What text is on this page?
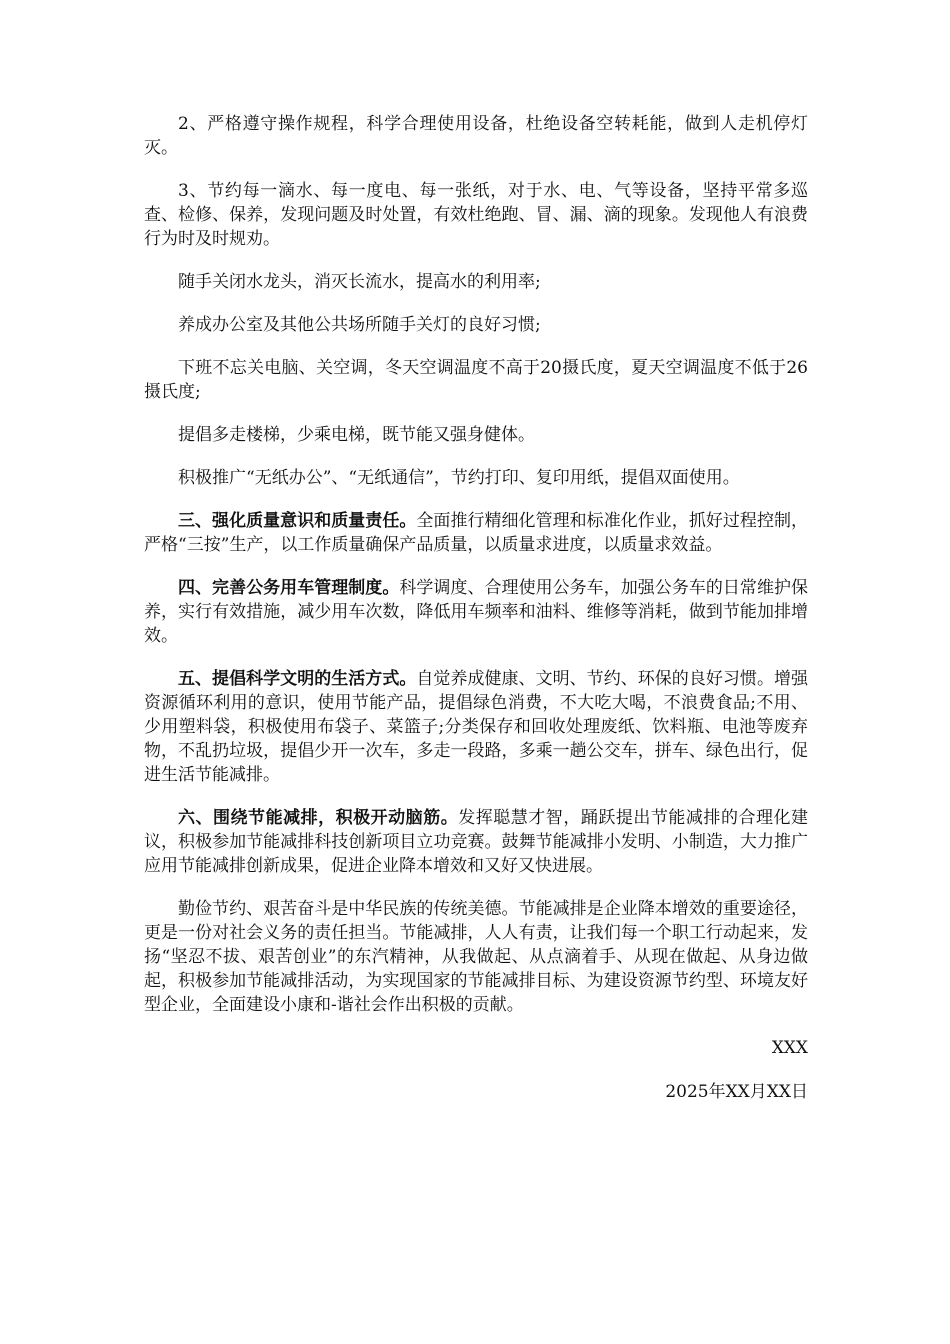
2、严格遵守操作规程，科学合理使用设备，杜绝设备空转耗能，做到人走机停灯灭。

3、节约每一滴水、每一度电、每一张纸，对于水、电、气等设备，坚持平常多巡查、检修、保养，发现问题及时处置，有效杜绝跑、冒、漏、滴的现象。发现他人有浪费行为时及时规劝。

随手关闭水龙头，消灭长流水，提高水的利用率;

养成办公室及其他公共场所随手关灯的良好习惯;

下班不忘关电脑、关空调，冬天空调温度不高于20摄氏度，夏天空调温度不低于26摄氏度;

提倡多走楼梯，少乘电梯，既节能又强身健体。

积极推广“无纸办公”、“无纸通信”，节约打印、复印用纸，提倡双面使用。

三、强化质量意识和质量责任。全面推行精细化管理和标准化作业，抓好过程控制，严格“三按”生产，以工作质量确保产品质量，以质量求进度，以质量求效益。

四、完善公务用车管理制度。科学调度、合理使用公务车，加强公务车的日常维护保养，实行有效措施，减少用车次数，降低用车频率和油料、维修等消耗，做到节能加排增效。

五、提倡科学文明的生活方式。自觉养成健康、文明、节约、环保的良好习惯。增强资源循环利用的意识，使用节能产品，提倡绿色消费，不大吃大喝，不浪费食品;不用、少用塑料袋，积极使用布袋子、菜篮子;分类保存和回收处理废纸、饮料瓶、电池等废弃物，不乱扔垃圾，提倡少开一次车，多走一段路，多乘一趟公交车，拼车、绿色出行，促进生活节能减排。

六、围绕节能减排，积极开动脑筋。发挥聪慧才智，踊跃提出节能减排的合理化建议，积极参加节能减排科技创新项目立功竞赛。鼓舞节能减排小发明、小制造，大力推广应用节能减排创新成果，促进企业降本增效和又好又快进展。

勤俭节约、艰苦奋斗是中华民族的传统美德。节能减排是企业降本增效的重要途径，更是一份对社会义务的责任担当。节能减排，人人有责，让我们每一个职工行动起来，发扬“坚忍不拔、艰苦创业”的东汽精神，从我做起、从点滴着手、从现在做起、从身边做起，积极参加节能减排活动，为实现国家的节能减排目标、为建设资源节约型、环境友好型企业，全面建设小康和-谐社会作出积极的贡献。

XXX

2025年XX月XX日
